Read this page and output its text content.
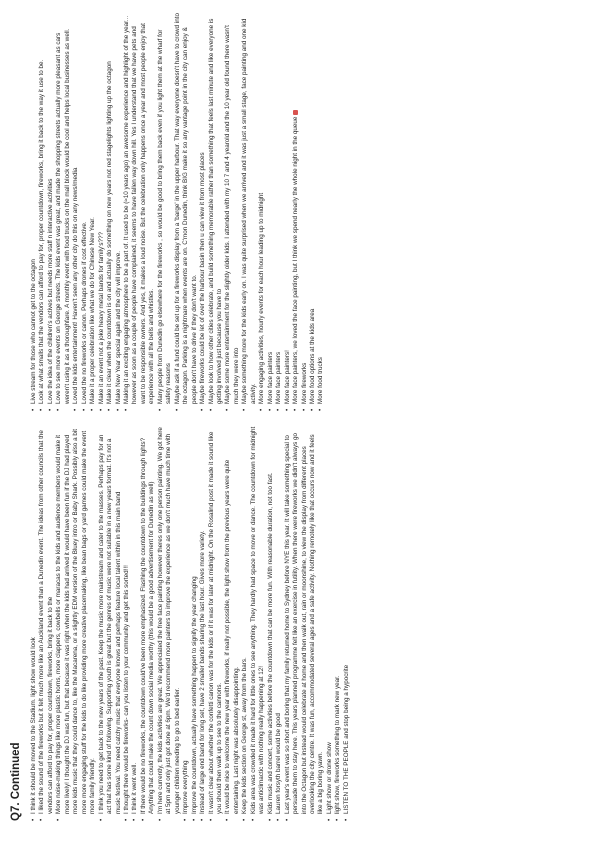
Q7. Continued • I think it should be moved to the Stadium. light show would look • I liked the sound of the fireworks but it felt much more like an Auckland event than a Dunedin event. The ideas from other councils that the vendors can afford to pay for, proper countdown, fireworks, bring it back to the • More noise-making things like more plastic horns, more clappers, cowbells or maracas to the kids and audience members would make it more lively! I thought the DJ was fun, but that because it was right when the kids had arrived it would have been fun if the DJ had played more kids music that they could dance to, like the Macarena, or a slightly EDM version of the Bluey intro or Baby Shark. Possibly also a bit more more engaging stuff for the kids to do like providing more creative placemaking, like bean bags or yard games could make the event more family friendly. • I think you need to get back to the new years of the past. Keep the music more mainstream and cater to the masses. Perhaps pay for an act that has some kind of following. Supporting youth is great but the genres of music were not suitable in a new years format. It's not a music festival. You need catchy music that everyone knows and perhaps feature local talent within in this main band • I thought there would be fireworks- can you listen to your community and get this sorted!!! • I think it went well. • If there would be no fireworks, the countdown could've been more emphasized. Flashing the countdown to the buildings through lights? Anything that could make the count down social media worthy (this would be a good advertisement for Dunedin as well) • I'm here currently, the kids activities are great. We appreciated the free face painting however theres only one person painting. We got here at 5pm and only just got done at 6pm. We'd recommend more painters to improve the experience as we don't much have much time with younger children needing to go to bed earlier. • Improve everything • Improve the countdown, actually have something happen to signify the year changing • Instead of large end band for long set, have 2 smaller bands sharing the last hour. Gives more variety. • It wasn't clear about whether the confetti canon was for the kids or if it was for later at midnight. On the Rosalind post it made it sound like you should then walk up to see to the cannons. • It would be nice to welcome the new year with fireworks, if really not possible, the light show from the previous years were quite entertaining. Last night was absolutely disappointing. • Keep the kids section on George st, away from the bars. • Kids area was crowded it made it hard for little ones to see anything. They hardly had space to move or dance. The countdown for midnight was anticlimactic with nothing really happening at 12! • Kids music and concert, some activities before the countdown that can be more fun. With reasonable duration, not too fast. • Lauren forsyth barrel would be good • Last year's event was so short and boring that my family returned home to Sydney before NYE this year. It will take something special to persuade them to stay here. This years planned programme felt like an exercise in futility. When there were fireworks we didn't always go into the Octagon but instead would celebrate at home and then walk out, rain or moonshine, to view the display from different places overlooking the city centre. It was fun, accommodated several ages and a safe activity. Nothing remotely like that occurs now and it feels like a big boring yawn. • Light show or drone show • light show, fireworks something to mark new year. • LISTEN TO THE PEOPLE and stop being a hypocrite
• Live stream for those who cannot get to the octagon • Look at what smalls that the vendors can afford to pay for, proper countdown, fireworks, bring it back to the way it use to be. • Love the idea of the children's actives but needs more staff n interactive activities • Love to see more events on George streets. The kids event was great, and made the shopping streets actually more pleasant as cars weren't using it as a thoroughfare. A monthly event with food trucks on the mall block would be cool and helps local businesses as well. • Loved the kids entertainment! Haven't seen any other city do this on any news/media • Loved the no fireworks or canon. Perhaps drones if cost effective. • Make it a proper celebration like what we do for Chinese New Year. • Make it an event not a joke heavy metal bands for family's??? • Make it clear when the countdown is on and actually do something on new years not red stagelights lighting up the octagon • Make New Year special again and the city will improve. • Making it an exciting engaging atmosphere to be a part of. It used to be (≈10 years ago) an awesome experience and highlight of the year... however as soon as a couple of people have complained, it seems to have fallen way down hill. Yes I understand that we have pets and want to be responsible owners. And yes, it makes a loud noise. But the celebration only happens once a year and most people enjoy that experience with all the bells and whistles. • Many people from Dunedin go elsewhere for the fireworks , so would be good to bring them back even if you light them at the wharf for safety reasons • Maybe ask if a fund could be set up for a fireworks display from a 'barge' in the upper harbour. That way everyone doesn't have to crowd into the octagon. Parking is a nightmare when events are on. C'mon Dunedin, think BIG make it so any vantage point in the city can enjoy & people don't have to drive if they don't want to. • Maybe fireworks could be let of over the harbour basin then u can view it from most places • Maybe look to how other cities celebrate, and build something memorable rather than something that feels last minute and like everyone is getting involved just because you have to • Maybe some more entertainment for the slightly older kids. I attended with my 10 7 and 4 yearold and the 10 year old found there wasn't much they were into • Maybe something more for the kids early on. I was quite surprised when we arrived and it was just a small stage, face painting and one kid activity. • More engaging activities, hourly events for each hour leading up to midnight • More face painters • More face painters • More face painters! • More face painters, we loved the face painting, but I think we spend nearly the whole night in the queue • More fireworks • More food options at the kids area • More food trucks
